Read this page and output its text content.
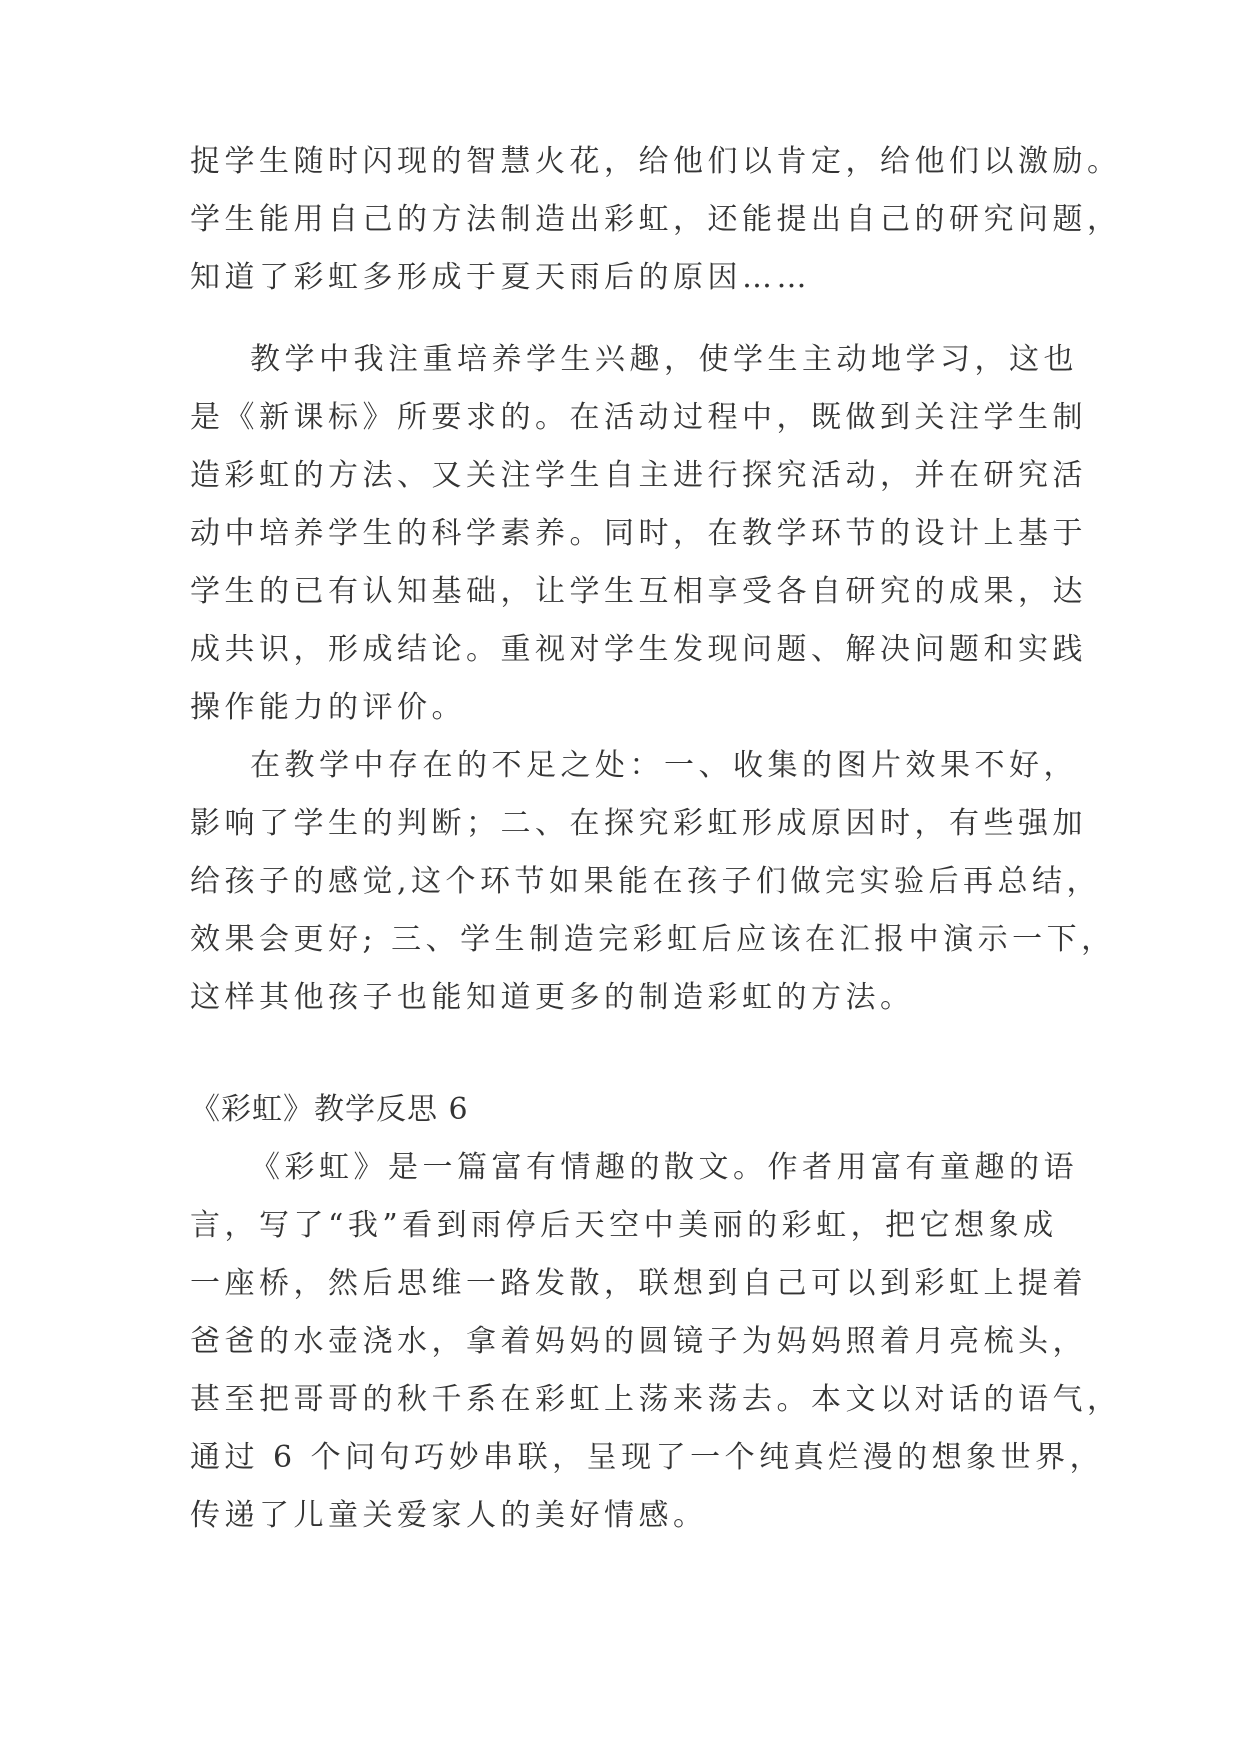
捉学生随时闪现的智慧火花，给他们以肯定，给他们以激励。
学生能用自己的方法制造出彩虹，还能提出自己的研究问题，
知道了彩虹多形成于夏天雨后的原因……
教学中我注重培养学生兴趣，使学生主动地学习，这也
是《新课标》所要求的。在活动过程中，既做到关注学生制
造彩虹的方法、又关注学生自主进行探究活动，并在研究活
动中培养学生的科学素养。同时，在教学环节的设计上基于
学生的已有认知基础，让学生互相享受各自研究的成果，达
成共识，形成结论。重视对学生发现问题、解决问题和实践
操作能力的评价。
在教学中存在的不足之处：一、收集的图片效果不好，
影响了学生的判断；二、在探究彩虹形成原因时，有些强加
给孩子的感觉,这个环节如果能在孩子们做完实验后再总结，
效果会更好; 三、学生制造完彩虹后应该在汇报中演示一下，
这样其他孩子也能知道更多的制造彩虹的方法。
《彩虹》教学反思 6
《彩虹》是一篇富有情趣的散文。作者用富有童趣的语
言，写了“我”看到雨停后天空中美丽的彩虹，把它想象成
一座桥，然后思维一路发散，联想到自己可以到彩虹上提着
爸爸的水壶浇水，拿着妈妈的圆镜子为妈妈照着月亮梳头，
甚至把哥哥的秋千系在彩虹上荡来荡去。本文以对话的语气，
通过 6 个问句巧妙串联，呈现了一个纯真烂漫的想象世界，
传递了儿童关爱家人的美好情感。
